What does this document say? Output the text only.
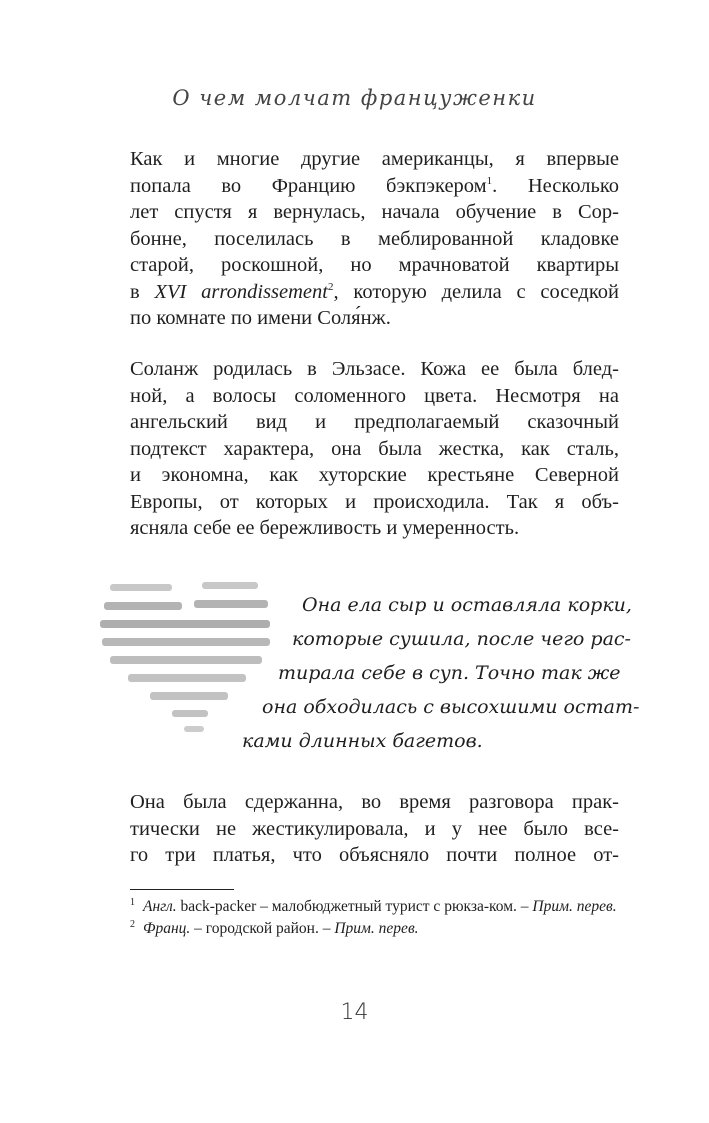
О чем молчат француженки

Как и многие другие американцы, я впервые
попала во Францию бэкпэкером$^1$. Несколько
лет спустя я вернулась, начала обучение в Сор-
бонне, поселилась в меблированной кладовке
старой, роскошной, но мрачноватой квартиры
в XVI arrondissement$^2$, которую делила с соседкой
по комнате по имени Соля́нж.

Соланж родилась в Эльзасе. Кожа ее была блед-
ной, а волосы соломенного цвета. Несмотря на
ангельский вид и предполагаемый сказочный
подтекст характера, она была жестка, как сталь,
и экономна, как хуторские крестьяне Северной
Европы, от которых и происходила. Так я объ-
ясняла себе ее бережливость и умеренность.

Она ела сыр и оставляла корки,
которые сушила, после чего рас-
тирала себе в суп. Точно так же
она обходилась с высохшими остат-
ками длинных багетов.

Она была сдержанна, во время разговора прак-
тически не жестикулировала, и у нее было все-
го три платья, что объясняло почти полное от-

$^1$ Англ. back-packer – малобюджетный турист с рюкза-ком. – Прим. перев.
$^2$ Франц. – городской район. – Прим. перев.
14
